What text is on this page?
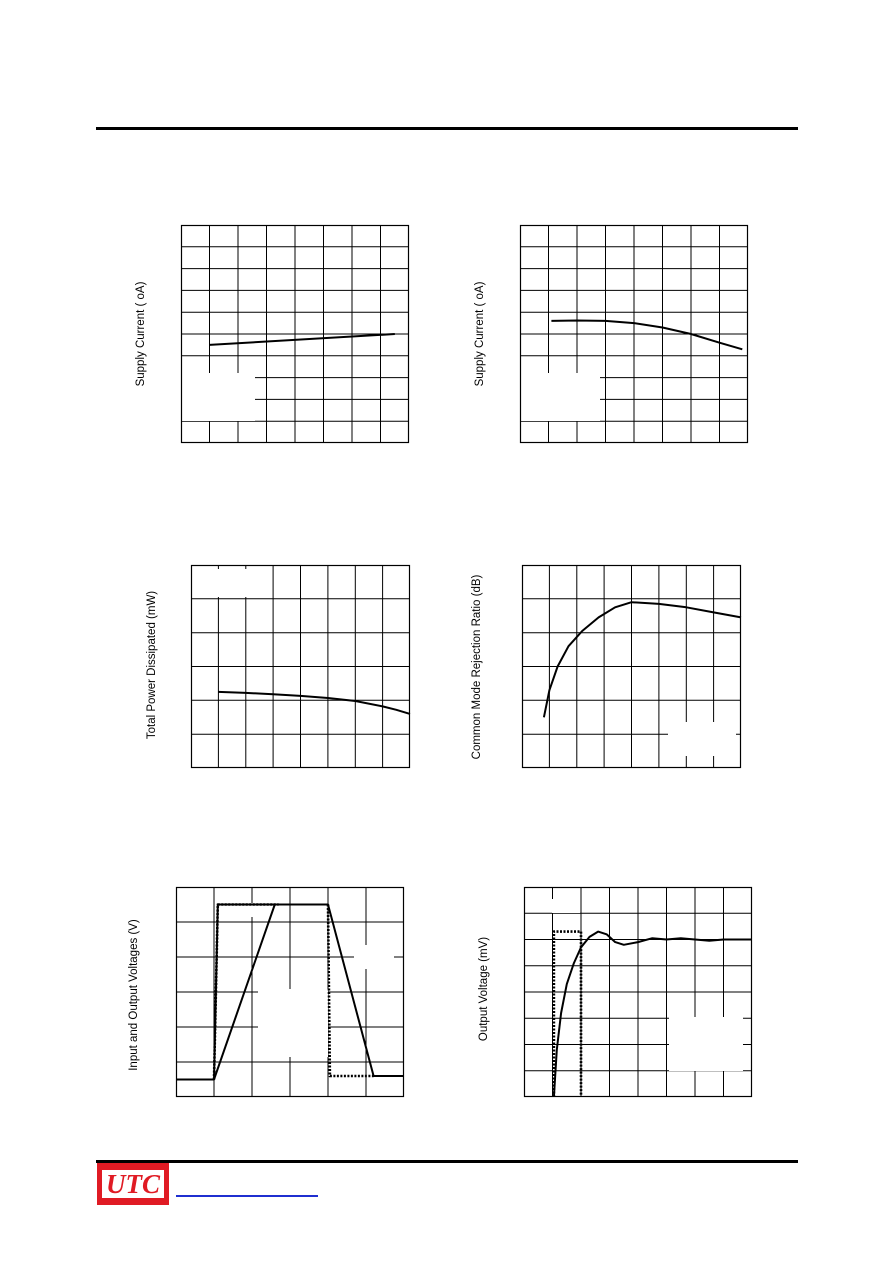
Supply Current ( oA)	Supply Current ( oA)
Total Power Dissipated (mW)	Common Mode Rejection Ratio (dB)
Input and Output Voltages (V)	Output Voltage (mV)
UTC
